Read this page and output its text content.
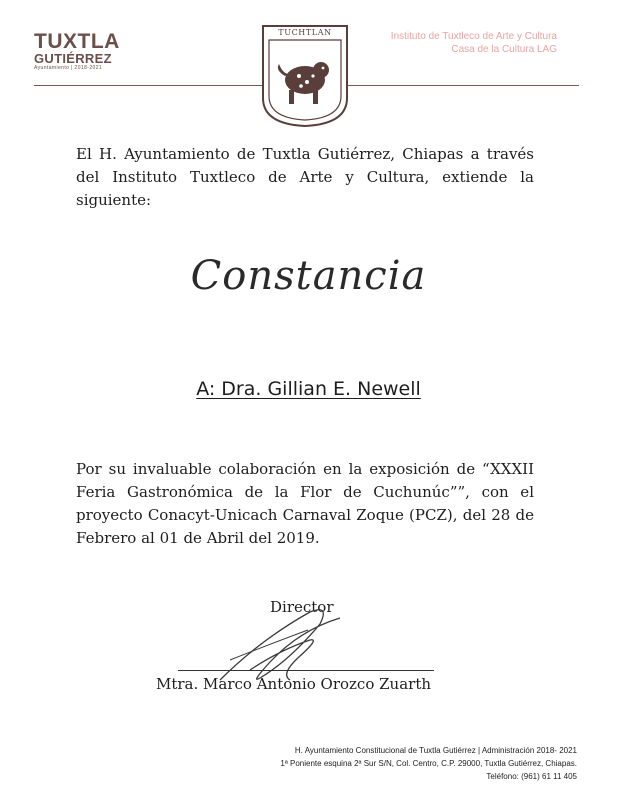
TUXTLA
GUTIÉRREZ
Ayuntamiento | 2018-2021
TUCHTLAN	Instituto de Tuxtleco de Arte y Cultura
Casa de la Cultura LAG
El H. Ayuntamiento de Tuxtla Gutiérrez, Chiapas a través del Instituto Tuxtleco de Arte y Cultura, extiende la siguiente:
Constancia
A: Dra. Gillian E. Newell
Por su invaluable colaboración en la exposición de “XXXII Feria Gastronómica de la Flor de Cuchunúc””, con el proyecto Conacyt-Unicach Carnaval Zoque (PCZ), del 28 de Febrero al 01 de Abril del 2019.
Director
Mtra. Marco Antonio Orozco Zuarth
H. Ayuntamiento Constitucional de Tuxtla Gutiérrez | Administración 2018- 2021
1ª Poniente esquina 2ª Sur S/N, Col. Centro, C.P. 29000, Tuxtla Gutiérrez, Chiapas.
Teléfono: (961) 61 11 405
